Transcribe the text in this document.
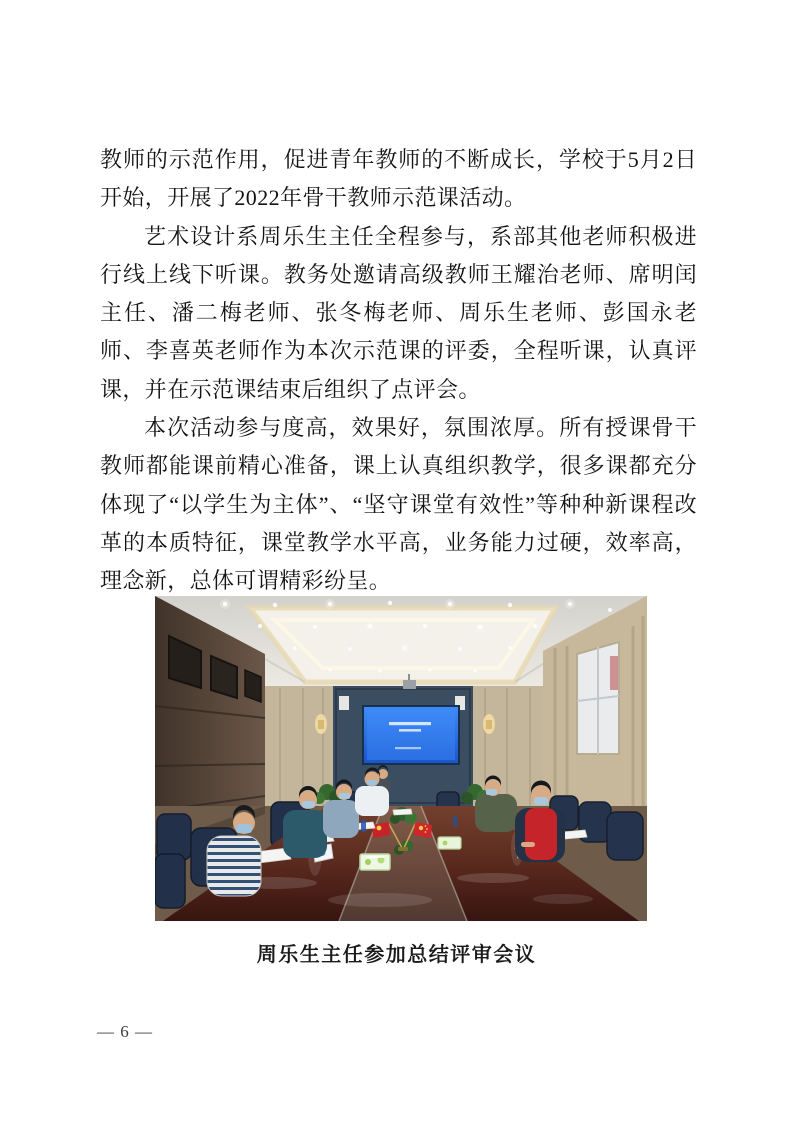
教师的示范作用，促进青年教师的不断成长，学校于5月2日开始，开展了2022年骨干教师示范课活动。

艺术设计系周乐生主任全程参与，系部其他老师积极进行线上线下听课。教务处邀请高级教师王耀治老师、席明闰主任、潘二梅老师、张冬梅老师、周乐生老师、彭国永老师、李喜英老师作为本次示范课的评委，全程听课，认真评课，并在示范课结束后组织了点评会。

本次活动参与度高，效果好，氛围浓厚。所有授课骨干教师都能课前精心准备，课上认真组织教学，很多课都充分体现了“以学生为主体”、“坚守课堂有效性”等种种新课程改革的本质特征，课堂教学水平高，业务能力过硬，效率高，理念新，总体可谓精彩纷呈。

周乐生主任参加总结评审会议
— 6 —
